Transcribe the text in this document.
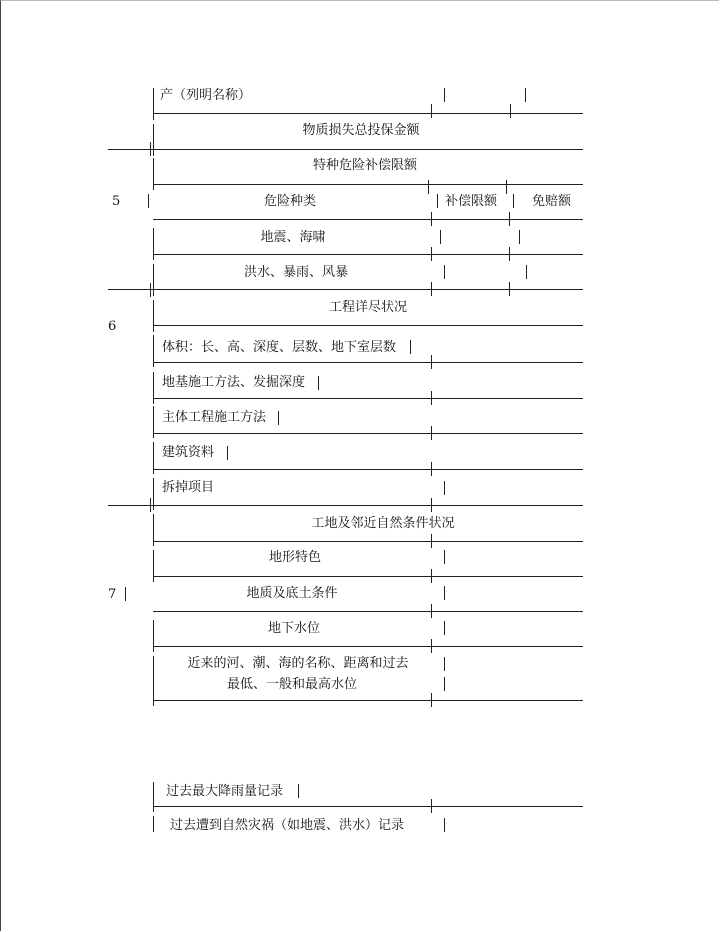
5
6
7
产（列明名称）
物质损失总投保金额
特种危险补偿限额
危险种类	补偿限额	免赔额
地震、海啸
洪水、暴雨、风暴
工程详尽状况
体积：长、高、深度、层数、地下室层数
地基施工方法、发掘深度
主体工程施工方法
建筑资料
拆掉项目
工地及邻近自然条件状况
地形特色
地质及底土条件
地下水位
近来的河、潮、海的名称、距离和过去
最低、一般和最高水位
过去最大降雨量记录
过去遭到自然灾祸（如地震、洪水）记录
